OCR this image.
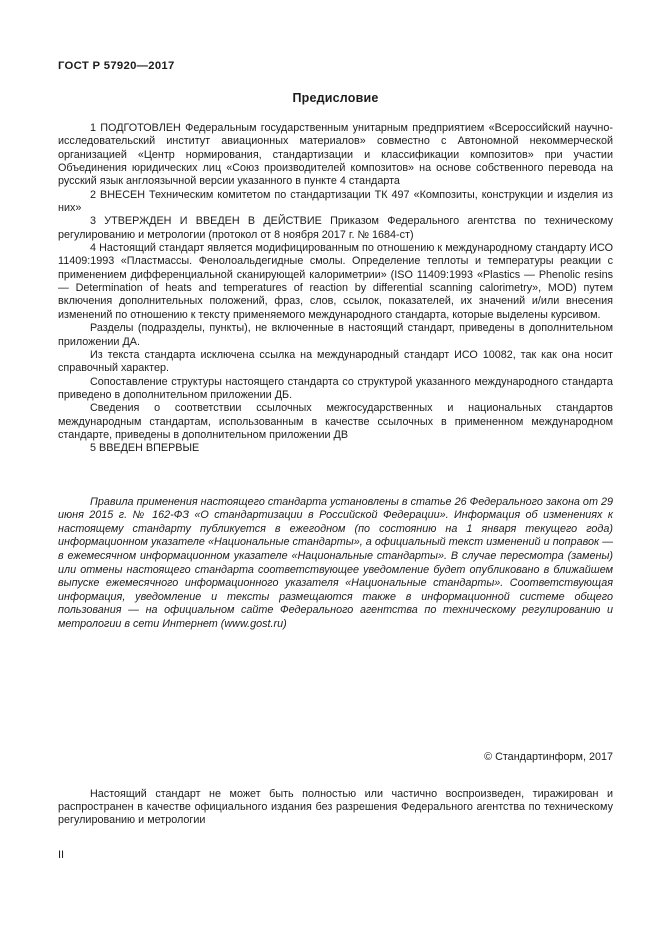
ГОСТ Р 57920—2017
Предисловие

1 ПОДГОТОВЛЕН Федеральным государственным унитарным предприятием «Всероссийский научно-исследовательский институт авиационных материалов» совместно с Автономной некоммерческой организацией «Центр нормирования, стандартизации и классификации композитов» при участии Объединения юридических лиц «Союз производителей композитов» на основе собственного перевода на русский язык англоязычной версии указанного в пункте 4 стандарта

2 ВНЕСЕН Техническим комитетом по стандартизации ТК 497 «Композиты, конструкции и изделия из них»

3 УТВЕРЖДЕН И ВВЕДЕН В ДЕЙСТВИЕ Приказом Федерального агентства по техническому регулированию и метрологии (протокол от 8 ноября 2017 г. № 1684-ст)

4 Настоящий стандарт является модифицированным по отношению к международному стандарту ИСО 11409:1993 «Пластмассы. Фенолоальдегидные смолы. Определение теплоты и температуры реакции с применением дифференциальной сканирующей калориметрии» (ISO 11409:1993 «Plastics — Phenolic resins — Determination of heats and temperatures of reaction by differential scanning calorimetry», MOD) путем включения дополнительных положений, фраз, слов, ссылок, показателей, их значений и/или внесения изменений по отношению к тексту применяемого международного стандарта, которые выделены курсивом.

Разделы (подразделы, пункты), не включенные в настоящий стандарт, приведены в дополнительном приложении ДА.

Из текста стандарта исключена ссылка на международный стандарт ИСО 10082, так как она носит справочный характер.

Сопоставление структуры настоящего стандарта со структурой указанного международного стандарта приведено в дополнительном приложении ДБ.

Сведения о соответствии ссылочных межгосударственных и национальных стандартов международным стандартам, использованным в качестве ссылочных в примененном международном стандарте, приведены в дополнительном приложении ДВ

5 ВВЕДЕН ВПЕРВЫЕ

Правила применения настоящего стандарта установлены в статье 26 Федерального закона от 29 июня 2015 г. № 162-ФЗ «О стандартизации в Российской Федерации». Информация об изменениях к настоящему стандарту публикуется в ежегодном (по состоянию на 1 января текущего года) информационном указателе «Национальные стандарты», а официальный текст изменений и поправок — в ежемесячном информационном указателе «Национальные стандарты». В случае пересмотра (замены) или отмены настоящего стандарта соответствующее уведомление будет опубликовано в ближайшем выпуске ежемесячного информационного указателя «Национальные стандарты». Соответствующая информация, уведомление и тексты размещаются также в информационной системе общего пользования — на официальном сайте Федерального агентства по техническому регулированию и метрологии в сети Интернет (www.gost.ru)

© Стандартинформ, 2017

Настоящий стандарт не может быть полностью или частично воспроизведен, тиражирован и распространен в качестве официального издания без разрешения Федерального агентства по техническому регулированию и метрологии

II
